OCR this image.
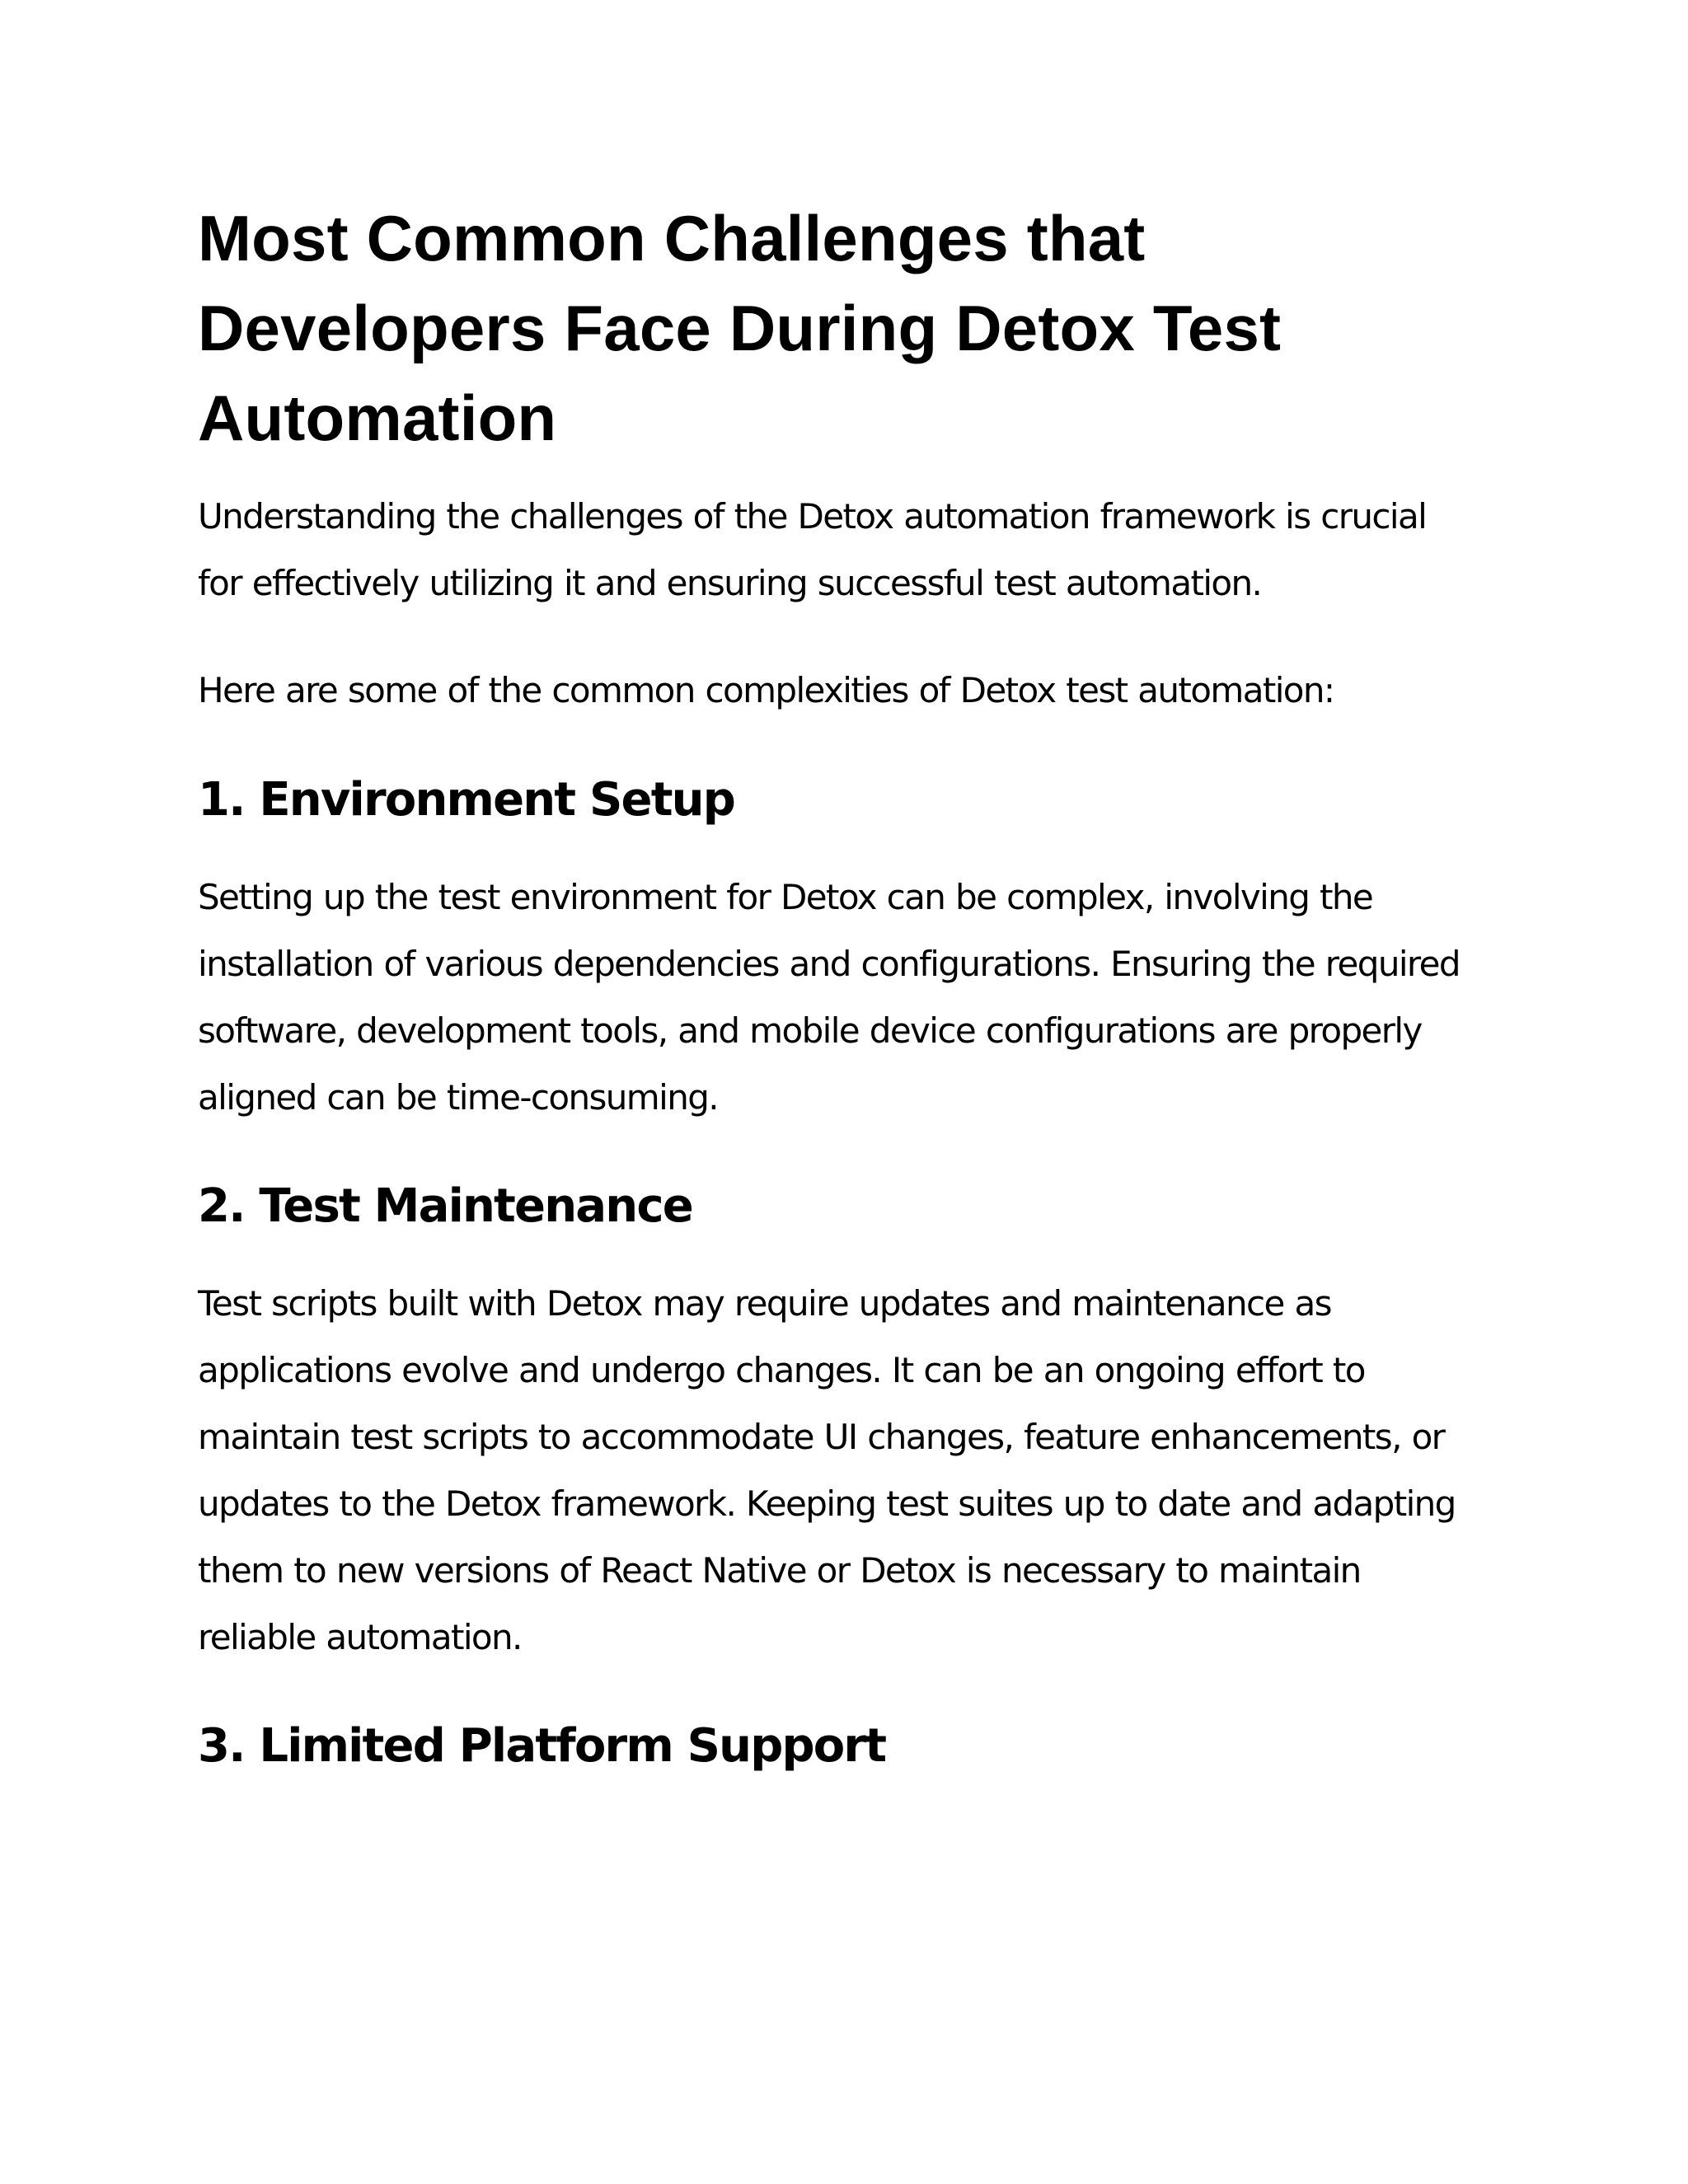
Most Common Challenges that
Developers Face During Detox Test
Automation

Understanding the challenges of the Detox automation framework is crucial
for effectively utilizing it and ensuring successful test automation.

Here are some of the common complexities of Detox test automation:

1. Environment Setup

Setting up the test environment for Detox can be complex, involving the
installation of various dependencies and configurations. Ensuring the required
software, development tools, and mobile device configurations are properly
aligned can be time-consuming.

2. Test Maintenance

Test scripts built with Detox may require updates and maintenance as
applications evolve and undergo changes. It can be an ongoing effort to
maintain test scripts to accommodate UI changes, feature enhancements, or
updates to the Detox framework. Keeping test suites up to date and adapting
them to new versions of React Native or Detox is necessary to maintain
reliable automation.

3. Limited Platform Support
